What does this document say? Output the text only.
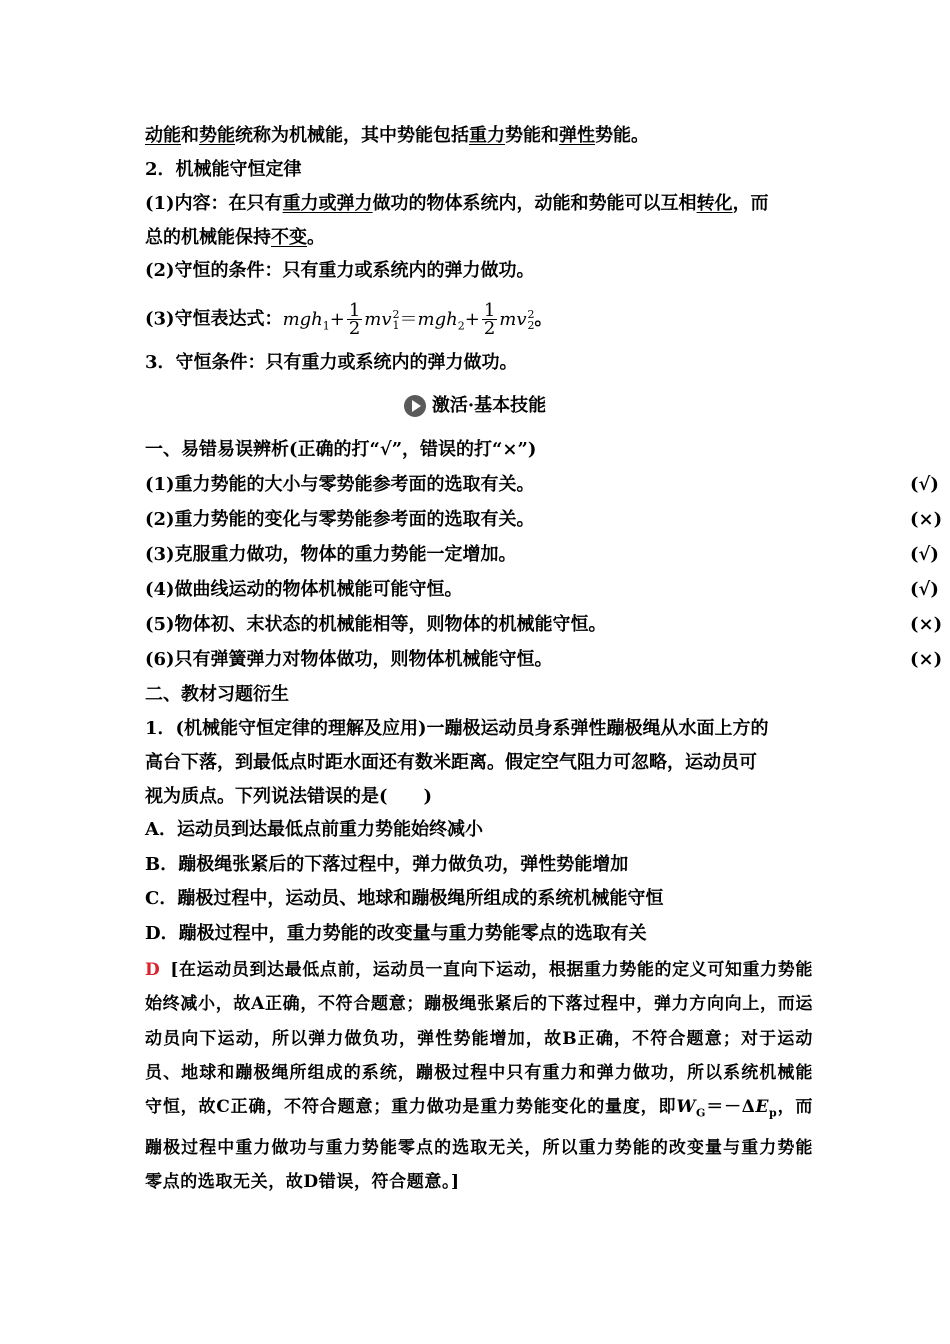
动能和势能统称为机械能，其中势能包括重力势能和弹性势能。
2．机械能守恒定律
(1)内容：在只有重力或弹力做功的物体系统内，动能和势能可以互相转化，而
总的机械能保持不变。
(2)守恒的条件：只有重力或系统内的弹力做功。
(3)守恒表达式：$mgh_1+ \frac{1}{2}$ mv 2
$1 =mgh_2+ \frac{1}{2}$ mv 2
2 。
3．守恒条件：只有重力或系统内的弹力做功。
激活·基本技能
一、易错易误辨析(正确的打“√”，错误的打“×”)
(1)重力势能的大小与零势能参考面的选取有关。	(√)
(2)重力势能的变化与零势能参考面的选取有关。	(×)
(3)克服重力做功，物体的重力势能一定增加。	(√)
(4)做曲线运动的物体机械能可能守恒。	(√)
(5)物体初、末状态的机械能相等，则物体的机械能守恒。	(×)
(6)只有弹簧弹力对物体做功，则物体机械能守恒。	(×)
二、教材习题衍生
1．(机械能守恒定律的理解及应用)一蹦极运动员身系弹性蹦极绳从水面上方的
高台下落，到最低点时距水面还有数米距离。假定空气阻力可忽略，运动员可
视为质点。下列说法错误的是(　　)
A．运动员到达最低点前重力势能始终减小
B．蹦极绳张紧后的下落过程中，弹力做负功，弹性势能增加
C．蹦极过程中，运动员、地球和蹦极绳所组成的系统机械能守恒
D．蹦极过程中，重力势能的改变量与重力势能零点的选取有关
D [在运动员到达最低点前，运动员一直向下运动，根据重力势能的定义可知重力势能始终减小，故A正确，不符合题意；蹦极绳张紧后的下落过程中，弹力方向向上，而运动员向下运动，所以弹力做负功，弹性势能增加，故B正确，不符合题意；对于运动员、地球和蹦极绳所组成的系统，蹦极过程中只有重力和弹力做功，所以系统机械能守恒，故C正确，不符合题意；重力做功是重力势能变化的量度，即$W_G=-\Delta E_p$，而蹦极过程中重力做功与重力势能零点的选取无关，所以重力势能的改变量与重力势能零点的选取无关，故D错误，符合题意。]
